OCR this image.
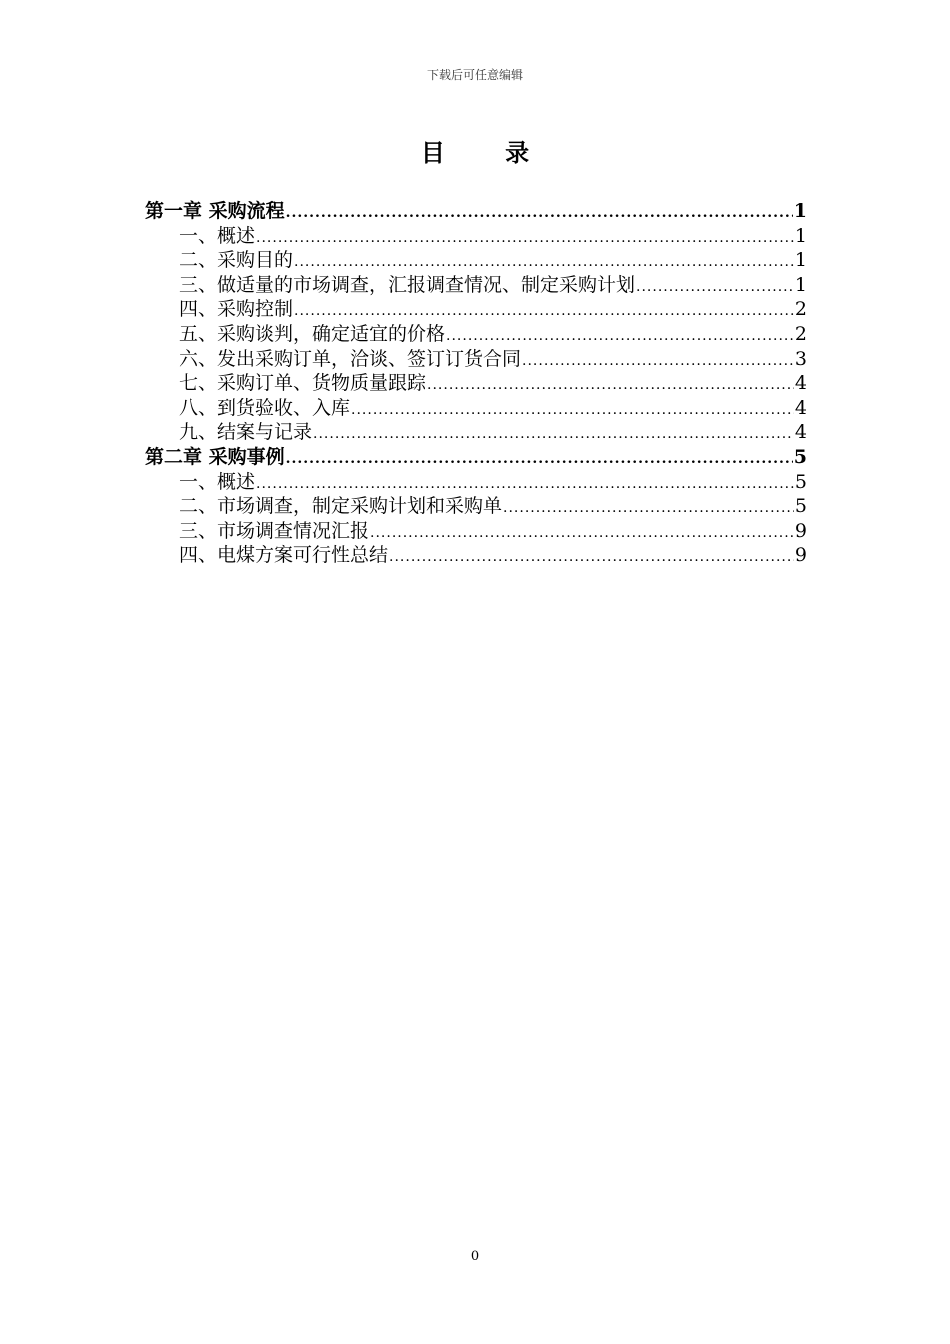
下载后可任意编辑
目 录
第一章 采购流程 .....	1
一、概述 .....	1
二、采购目的 .....	1
三、做适量的市场调查，汇报调查情况、制定采购计划 .....	1
四、采购控制 .....	2
五、采购谈判，确定适宜的价格 .....	2
六、发出采购订单，洽谈、签订订货合同 .....	3
七、采购订单、货物质量跟踪 .....	4
八、到货验收、入库 .....	4
九、结案与记录 .....	4
第二章 采购事例 .....	5
一、概述 .....	5
二、市场调查，制定采购计划和采购单 .....	5
三、市场调查情况汇报 .....	9
四、电煤方案可行性总结 .....	9
0
